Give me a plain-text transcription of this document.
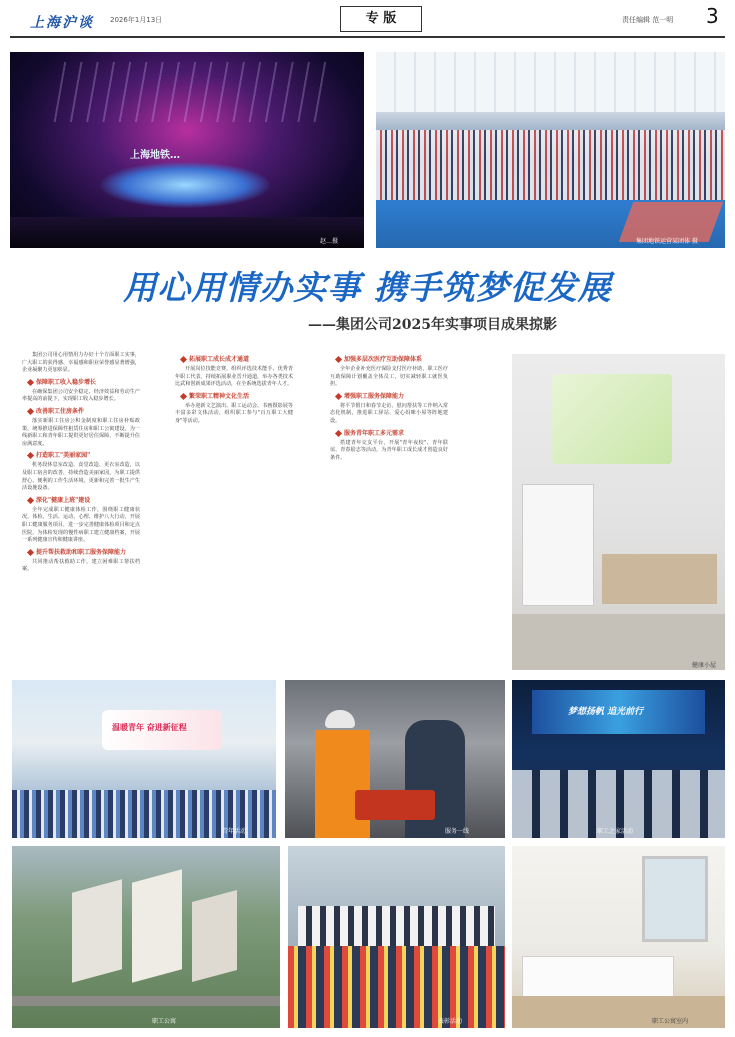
上海沪谈 2026年1月13日	专 版	责任编辑 范一明 3
上海地铁…
赵…摄	集团地铁运营某团体 摄
用心用情办实事 携手筑梦促发展
——集团公司2025年实事项目成果掠影

集团公司用心用情用力办好十个方面职工实事，广大职工的获得感、幸福感和职业荣誉感显著增强，企业凝聚力更加彰显。

保障职工收入稳步增长

在确保集团公司安全稳定、经济效益和劳动生产率提高的前提下，实现职工收入稳步增长。

改善职工住房条件

落实新职工住房公积金制度和职工住房补贴政策，统筹推进保障性租赁住房和职工公寓建设，为一线新职工和青年职工提供更好居住保障，不断提升住房满意度。

打造职工"美丽家园"

机务段休息室改造、食堂改造、更衣室改造，以及职工宿舍的改善，持续营造美丽家园，为职工提供舒心、便利的工作生活环境，更新和完善一批生产生活设施设备。

深化"健康上班"建设

全年完成职工健康体检工作，围绕职工健康状况，体检、生活、运动、心理、维护八大行动，开展职工健康服务项目，进一步完善健康体检项目和定点医院，为体检发现的慢性病职工建立健康档案，开展一系列健康宣传和健康讲座。

提升帮扶救助和职工服务保障能力

共同推动帮扶救助工作，建立困难职工帮扶档案。

拓展职工成长成才通道

开展岗位技能竞赛，组织评选技术能手、优秀青年职工代表，持续拓展职业晋升通道，举办各类技术比武和创新成果评选活动，在全系统选拔青年人才。

繁荣职工精神文化生活

举办迎新文艺演出、职工运动会、书画摄影展等丰富多彩文体活动，组织职工参与"百万职工大健身"等活动。

加强多层次医疗互助保障体系

全年企业补充医疗保险支付医疗补助，职工医疗互助保障计划覆盖全体员工，切实减轻职工就医负担。

增强职工服务保障能力

将平节假日和春节走访、慰问帮扶等工作纳入常态化机制，推进职工驿站、爱心妈咪小屋等阵地建设。

服务青年职工多元需求

搭建青年交友平台，开展"青年夜校"、青年联谊、青春励志等活动，为青年职工成长成才创造良好条件。

健康小屋
温暖青年 奋进新征程
青年活动	服务一线
梦想扬帆 追光前行
职工之家活动
职工公寓	表彰活动	职工公寓室内
